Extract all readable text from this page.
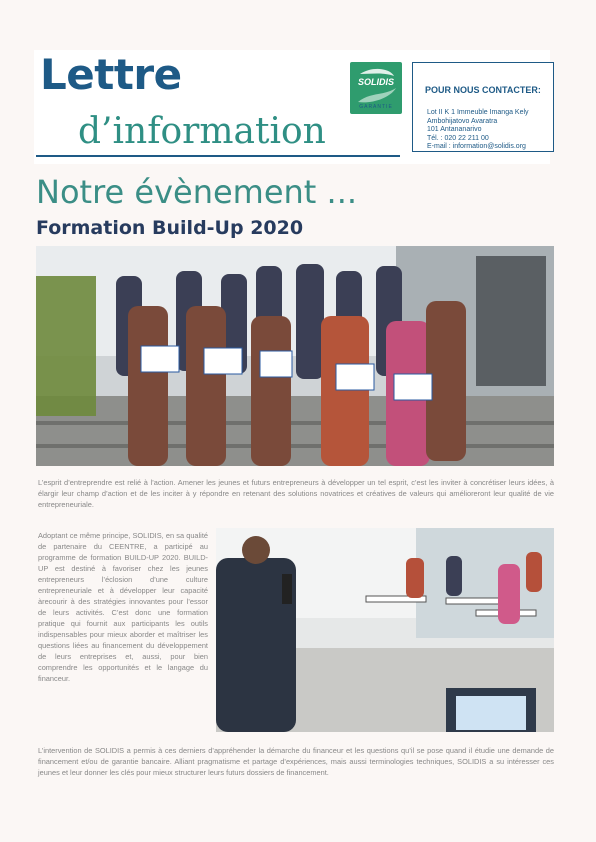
Lettre
d’information
SOLIDIS
GARANTIE
POUR NOUS CONTACTER:
Lot II K 1 Immeuble Imanga Kely
Ambohijatovo Avaratra
101 Antananarivo
Tél. : 020 22 211 00
E-mail : information@solidis.org
Notre évènement ...
Formation Build-Up 2020
L’esprit d’entreprendre est relié à l’action. Amener les jeunes et futurs entrepreneurs à développer un tel esprit, c’est les inviter à concrétiser leurs idées, à élargir leur champ d’action et de les inciter à y répondre en retenant des solutions novatrices et créatives de valeurs qui amélioreront leur qualité de vie entrepreneuriale.
Adoptant ce même principe, SOLIDIS, en sa qualité de partenaire du CEENTRE, a participé au programme de formation BUILD-UP 2020. BUILD-UP est destiné à favoriser chez les jeunes entrepreneurs l’éclosion d’une culture entrepreneuriale et à développer leur capacité àrecourir à des stratégies innovantes pour l’essor de leurs activités. C’est donc une formation pratique qui fournit aux participants les outils indispensables pour mieux aborder et maîtriser les questions liées au financement du développement de leurs entreprises et, aussi, pour bien comprendre les opportunités et le langage du financeur.
L’intervention de SOLIDIS a permis à ces derniers d’appréhender la démarche du financeur et les questions qu’il se pose quand il étudie une demande de financement et/ou de garantie bancaire. Alliant pragmatisme et partage d’expériences, mais aussi terminologies techniques, SOLIDIS a su intéresser ces jeunes et leur donner les clés pour mieux structurer leurs futurs dossiers de financement.
